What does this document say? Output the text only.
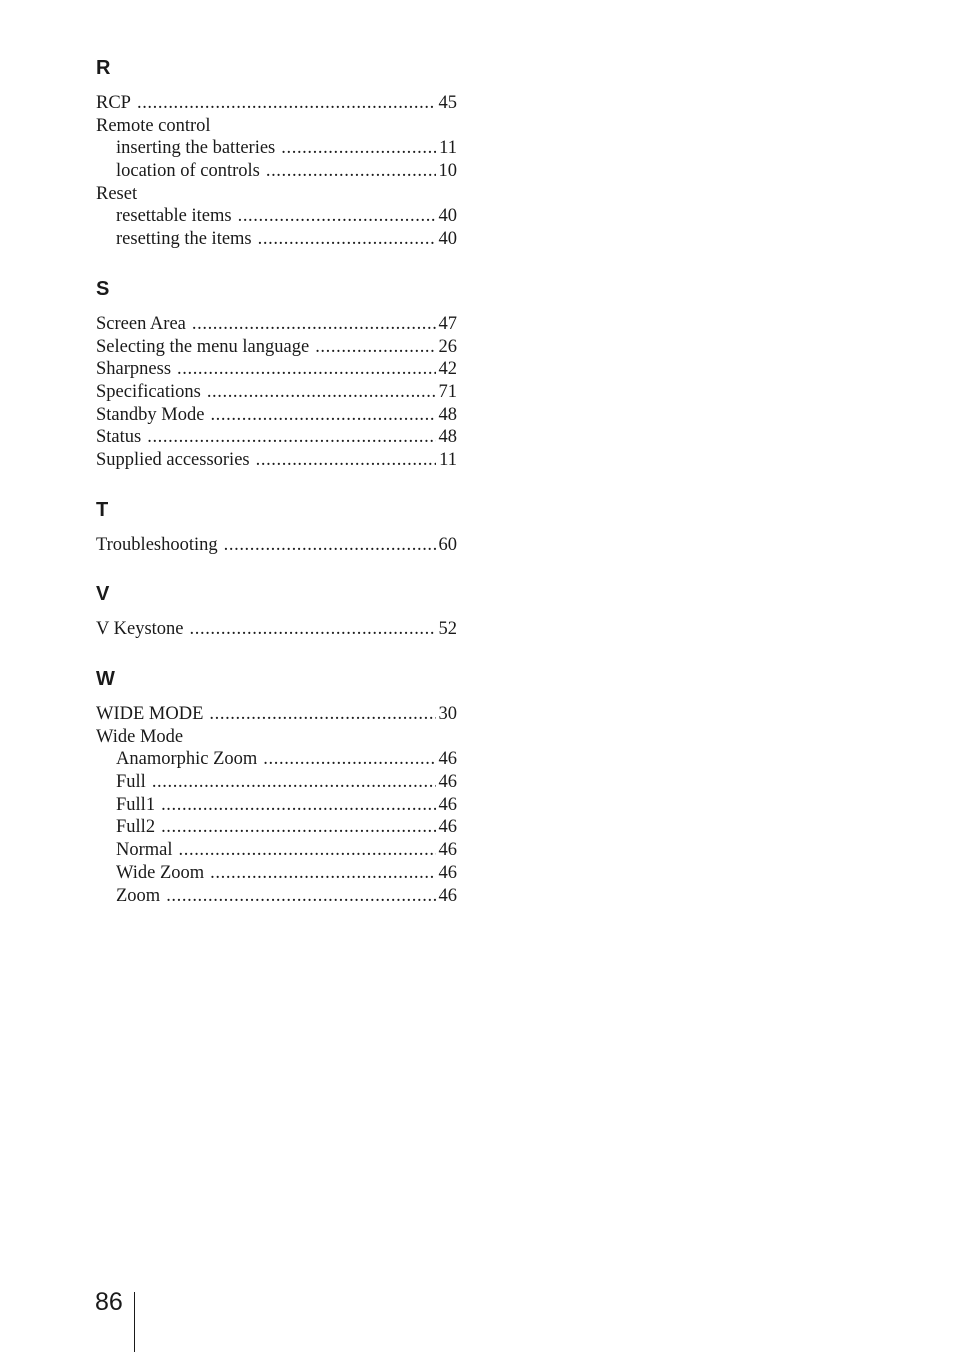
R
RCP .....	45
Remote control
inserting the batteries .....	11
location of controls .....	10
Reset
resettable items .....	40
resetting the items .....	40
S
Screen Area .....	47
Selecting the menu language .....	26
Sharpness .....	42
Specifications .....	71
Standby Mode .....	48
Status .....	48
Supplied accessories .....	11
T
Troubleshooting .....	60
V
V Keystone .....	52
W
WIDE MODE .....	30
Wide Mode
Anamorphic Zoom .....	46
Full .....	46
Full1 .....	46
Full2 .....	46
Normal .....	46
Wide Zoom .....	46
Zoom .....	46
86
